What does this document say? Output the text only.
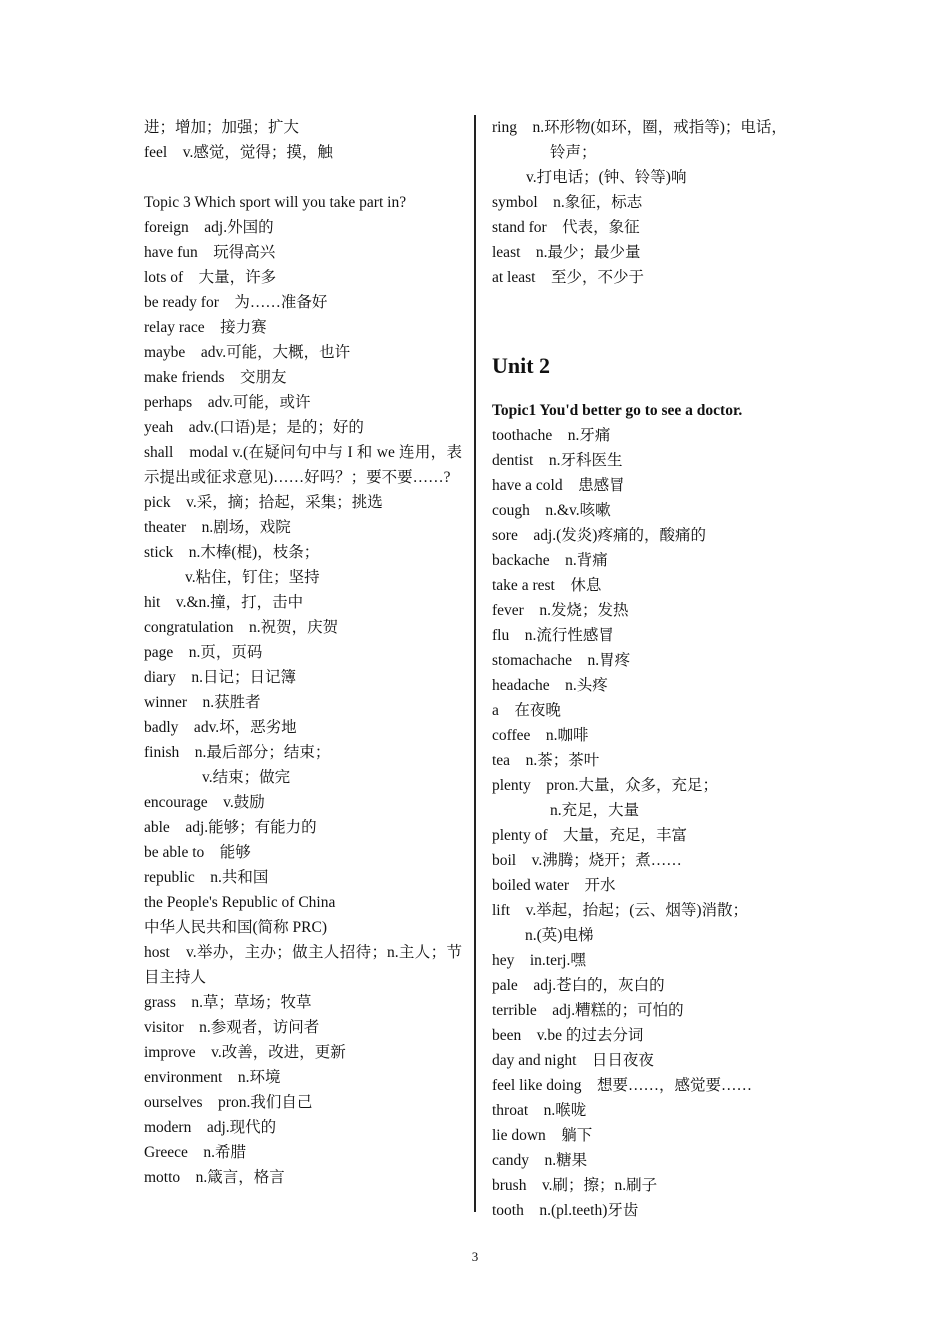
进；增加；加强；扩大
feel　v.感觉，觉得；摸，触
Topic 3 Which sport will you take part in?
foreign　adj.外国的
have fun　玩得高兴
lots of　大量，许多
be ready for　为……准备好
relay race　接力赛
maybe　adv.可能，大概，也许
make friends　交朋友
perhaps　adv.可能，或许
yeah　adv.(口语)是；是的；好的
shall　modal v.(在疑问句中与 I 和 we 连用，表示提出或征求意见)……好吗？；要不要……?
pick　v.采，摘；拾起，采集；挑选
theater　n.剧场，戏院
stick　n.木棒(棍)，枝条；
v.粘住，钉住；坚持
hit　v.&n.撞，打，击中
congratulation　n.祝贺，庆贺
page　n.页，页码
diary　n.日记；日记簿
winner　n.获胜者
badly　adv.坏，恶劣地
finish　n.最后部分；结束；
v.结束；做完
encourage　v.鼓励
able　adj.能够；有能力的
be able to　能够
republic　n.共和国
the People's Republic of China
中华人民共和国(简称 PRC)
host　v.举办，主办；做主人招待；n.主人；节目主持人
grass　n.草；草场；牧草
visitor　n.参观者，访问者
improve　v.改善，改进，更新
environment　n.环境
ourselves　pron.我们自己
modern　adj.现代的
Greece　n.希腊
motto　n.箴言，格言
ring　n.环形物(如环，圈，戒指等)；电话，
铃声；
v.打电话；(钟、铃等)响
symbol　n.象征，标志
stand for　代表，象征
least　n.最少；最少量
at least　至少，不少于
Unit 2
Topic1 You'd better go to see a doctor.
toothache　n.牙痛
dentist　n.牙科医生
have a cold　患感冒
cough　n.&v.咳嗽
sore　adj.(发炎)疼痛的，酸痛的
backache　n.背痛
take a rest　休息
fever　n.发烧；发热
flu　n.流行性感冒
stomachache　n.胃疼
headache　n.头疼
a　在夜晚
coffee　n.咖啡
tea　n.茶；茶叶
plenty　pron.大量，众多，充足；
n.充足，大量
plenty of　大量，充足，丰富
boil　v.沸腾；烧开；煮……
boiled water　开水
lift　v.举起，抬起；(云、烟等)消散；
n.(英)电梯
hey　in.terj.嘿
pale　adj.苍白的，灰白的
terrible　adj.糟糕的；可怕的
been　v.be 的过去分词
day and night　日日夜夜
feel like doing　想要……，感觉要……
throat　n.喉咙
lie down　躺下
candy　n.糖果
brush　v.刷；擦；n.刷子
tooth　n.(pl.teeth)牙齿
3
